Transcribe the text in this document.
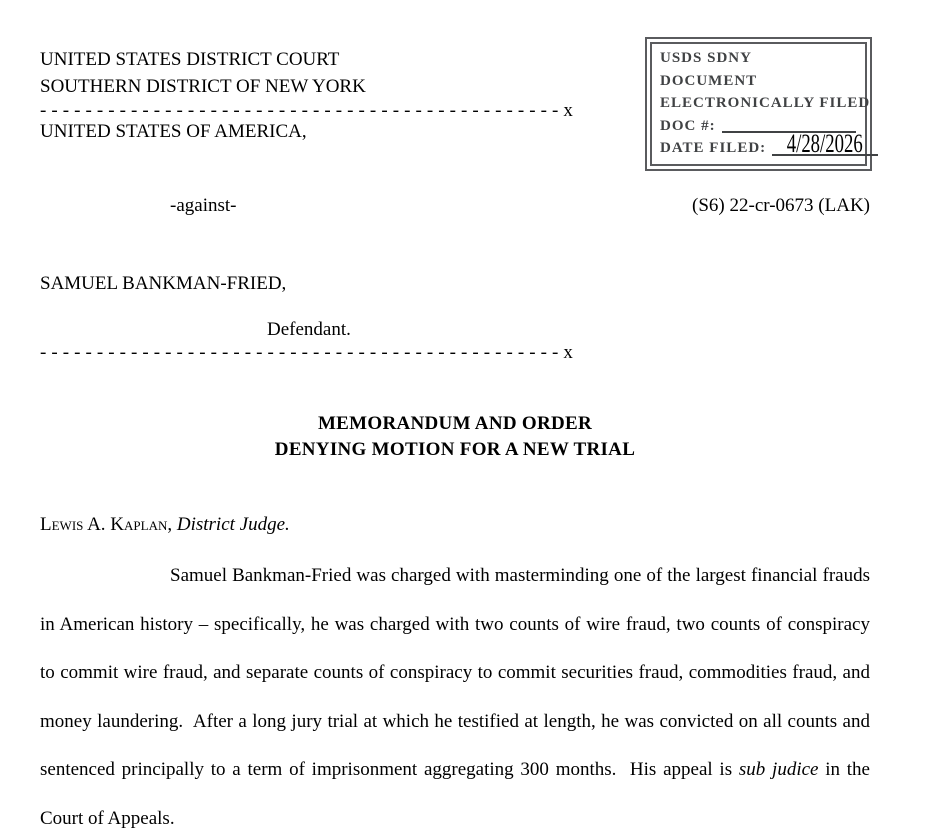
UNITED STATES DISTRICT COURT
SOUTHERN DISTRICT OF NEW YORK
USDS SDNY
DOCUMENT
ELECTRONICALLY FILED
DOC #:
DATE FILED: 4/28/2026
- - - - - - - - - - - - - - - - - - - - - - - - - - - - - - - - - - - - - - - - - - - - - - x
UNITED STATES OF AMERICA,
-against-	(S6) 22-cr-0673 (LAK)
SAMUEL BANKMAN-FRIED,
Defendant.
- - - - - - - - - - - - - - - - - - - - - - - - - - - - - - - - - - - - - - - - - - - - - - x
MEMORANDUM AND ORDER
DENYING MOTION FOR A NEW TRIAL
Lewis A. Kaplan, District Judge.
Samuel Bankman-Fried was charged with masterminding one of the largest financial frauds in American history – specifically, he was charged with two counts of wire fraud, two counts of conspiracy to commit wire fraud, and separate counts of conspiracy to commit securities fraud, commodities fraud, and money laundering.  After a long jury trial at which he testified at length, he was convicted on all counts and sentenced principally to a term of imprisonment aggregating 300 months.  His appeal is sub judice in the Court of Appeals.
